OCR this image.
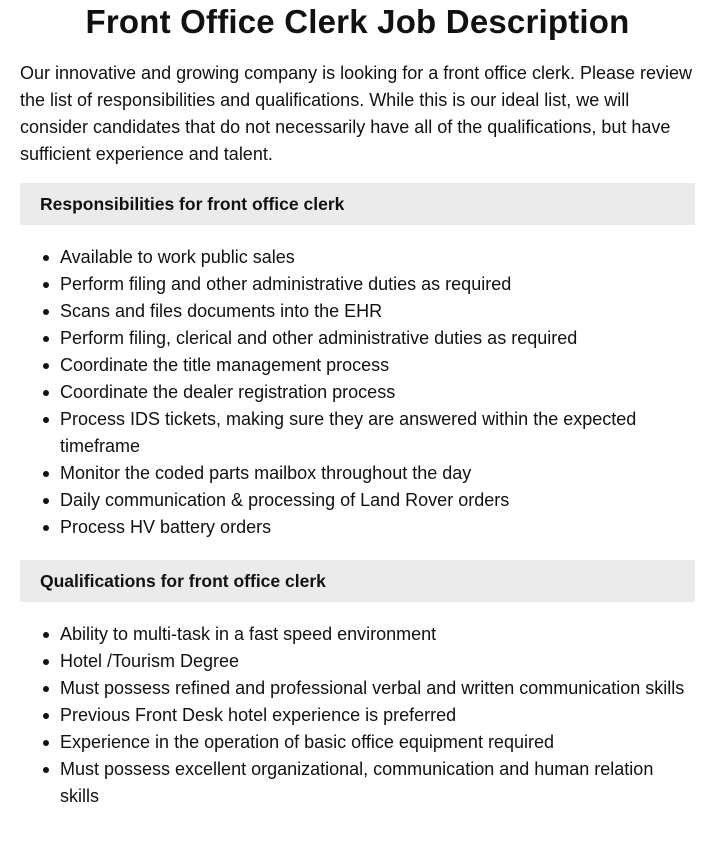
Front Office Clerk Job Description

Our innovative and growing company is looking for a front office clerk. Please review the list of responsibilities and qualifications. While this is our ideal list, we will consider candidates that do not necessarily have all of the qualifications, but have sufficient experience and talent.

Responsibilities for front office clerk
Available to work public sales
Perform filing and other administrative duties as required
Scans and files documents into the EHR
Perform filing, clerical and other administrative duties as required
Coordinate the title management process
Coordinate the dealer registration process
Process IDS tickets, making sure they are answered within the expected timeframe
Monitor the coded parts mailbox throughout the day
Daily communication & processing of Land Rover orders
Process HV battery orders
Qualifications for front office clerk
Ability to multi-task in a fast speed environment
Hotel /Tourism Degree
Must possess refined and professional verbal and written communication skills
Previous Front Desk hotel experience is preferred
Experience in the operation of basic office equipment required
Must possess excellent organizational, communication and human relation skills
